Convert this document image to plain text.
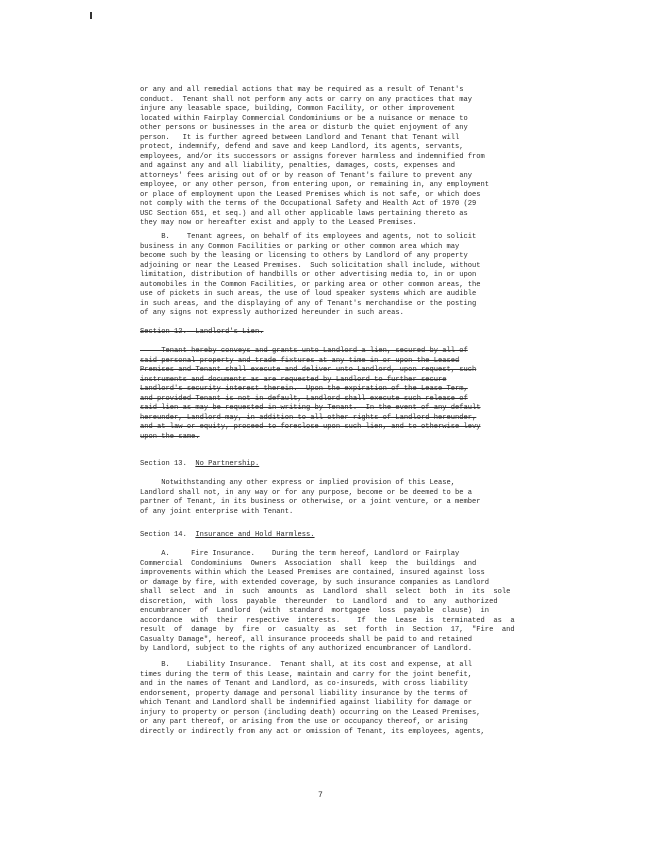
or any and all remedial actions that may be required as a result of Tenant's
conduct.  Tenant shall not perform any acts or carry on any practices that may
injure any leasable space, building, Common Facility, or other improvement
located within Fairplay Commercial Condominiums or be a nuisance or menace to
other persons or businesses in the area or disturb the quiet enjoyment of any
person.   It is further agreed between Landlord and Tenant that Tenant will
protect, indemnify, defend and save and keep Landlord, its agents, servants,
employees, and/or its successors or assigns forever harmless and indemnified from
and against any and all liability, penalties, damages, costs, expenses and
attorneys' fees arising out of or by reason of Tenant's failure to prevent any
employee, or any other person, from entering upon, or remaining in, any employment
or place of employment upon the Leased Premises which is not safe, or which does
not comply with the terms of the Occupational Safety and Health Act of 1970 (29
USC Section 651, et seq.) and all other applicable laws pertaining thereto as
they may now or hereafter exist and apply to the Leased Premises.
B.    Tenant agrees, on behalf of its employees and agents, not to solicit
business in any Common Facilities or parking or other common area which may
become such by the leasing or licensing to others by Landlord of any property
adjoining or near the Leased Premises.  Such solicitation shall include, without
limitation, distribution of handbills or other advertising media to, in or upon
automobiles in the Common Facilities, or parking area or other common areas, the
use of pickets in such areas, the use of loud speaker systems which are audible
in such areas, and the displaying of any of Tenant's merchandise or the posting
of any signs not expressly authorized hereunder in such areas.
Section 12. Landlord's Lien.
Tenant hereby conveys and grants unto Landlord a lien, secured by all of
said personal property and trade fixtures at any time in or upon the Leased
Premises and Tenant shall execute and deliver unto Landlord, upon request, such
instruments and documents as are requested by Landlord to further secure
Landlord's security interest therein.  Upon the expiration of the Lease Term,
and provided Tenant is not in default, Landlord shall execute such release of
said lien as may be requested in writing by Tenant.  In the event of any default
hereunder, Landlord may, in addition to all other rights of Landlord hereunder,
and at law or equity, proceed to foreclose upon such lien, and to otherwise levy
upon the same.
Section 13. No Partnership.
Notwithstanding any other express or implied provision of this Lease,
Landlord shall not, in any way or for any purpose, become or be deemed to be a
partner of Tenant, in its business or otherwise, or a joint venture, or a member
of any joint enterprise with Tenant.
Section 14. Insurance and Hold Harmless.
A.     Fire Insurance.    During the term hereof, Landlord or Fairplay
Commercial  Condominiums  Owners  Association  shall  keep  the  buildings  and
improvements within which the Leased Premises are contained, insured against loss
or damage by fire, with extended coverage, by such insurance companies as Landlord
shall  select  and  in  such  amounts  as  Landlord  shall  select  both  in  its  sole
discretion,  with  loss  payable  thereunder  to  Landlord  and  to  any  authorized
encumbrancer  of  Landlord  (with  standard  mortgagee  loss  payable  clause)  in
accordance  with  their  respective  interests.    If  the  Lease  is  terminated  as  a
result  of  damage  by  fire  or  casualty  as  set  forth  in  Section  17,  "Fire  and
Casualty Damage", hereof, all insurance proceeds shall be paid to and retained
by Landlord, subject to the rights of any authorized encumbrancer of Landlord.
B.    Liability Insurance.  Tenant shall, at its cost and expense, at all
times during the term of this Lease, maintain and carry for the joint benefit,
and in the names of Tenant and Landlord, as co-insureds, with cross liability
endorsement, property damage and personal liability insurance by the terms of
which Tenant and Landlord shall be indemnified against liability for damage or
injury to property or person (including death) occurring on the Leased Premises,
or any part thereof, or arising from the use or occupancy thereof, or arising
directly or indirectly from any act or omission of Tenant, its employees, agents,
7
